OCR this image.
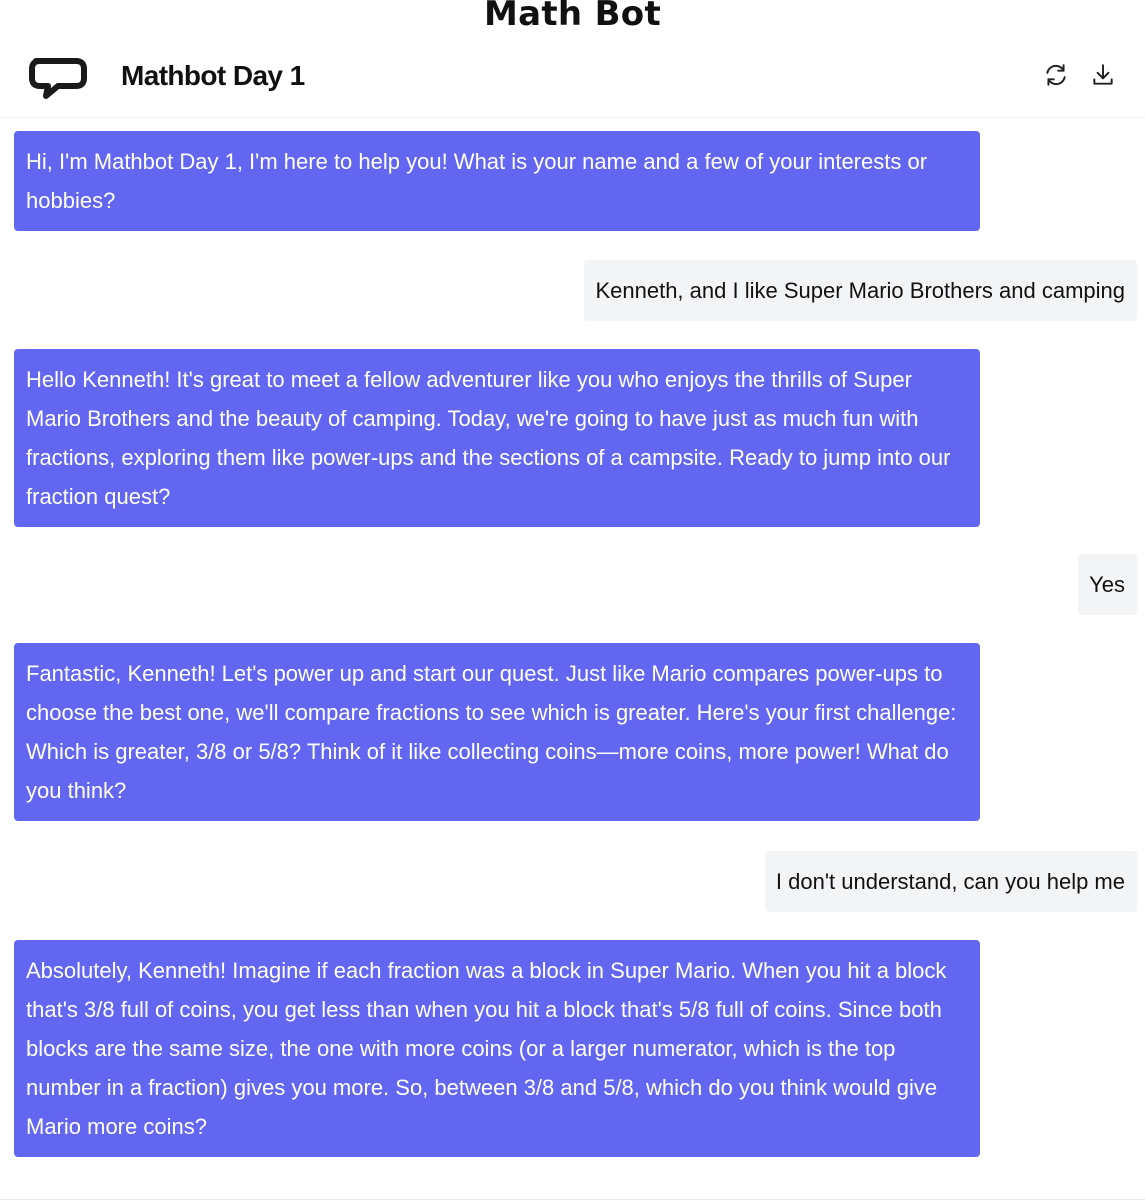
Math Bot
Mathbot Day 1
Hi, I'm Mathbot Day 1, I'm here to help you! What is your name and a few of your interests or hobbies?
Kenneth, and I like Super Mario Brothers and camping
Hello Kenneth! It's great to meet a fellow adventurer like you who enjoys the thrills of Super Mario Brothers and the beauty of camping. Today, we're going to have just as much fun with fractions, exploring them like power-ups and the sections of a campsite. Ready to jump into our fraction quest?
Yes
Fantastic, Kenneth! Let's power up and start our quest. Just like Mario compares power-ups to choose the best one, we'll compare fractions to see which is greater. Here's your first challenge: Which is greater, 3/8 or 5/8? Think of it like collecting coins—more coins, more power! What do you think?
I don't understand, can you help me
Absolutely, Kenneth! Imagine if each fraction was a block in Super Mario. When you hit a block that's 3/8 full of coins, you get less than when you hit a block that's 5/8 full of coins. Since both blocks are the same size, the one with more coins (or a larger numerator, which is the top number in a fraction) gives you more. So, between 3/8 and 5/8, which do you think would give Mario more coins?
